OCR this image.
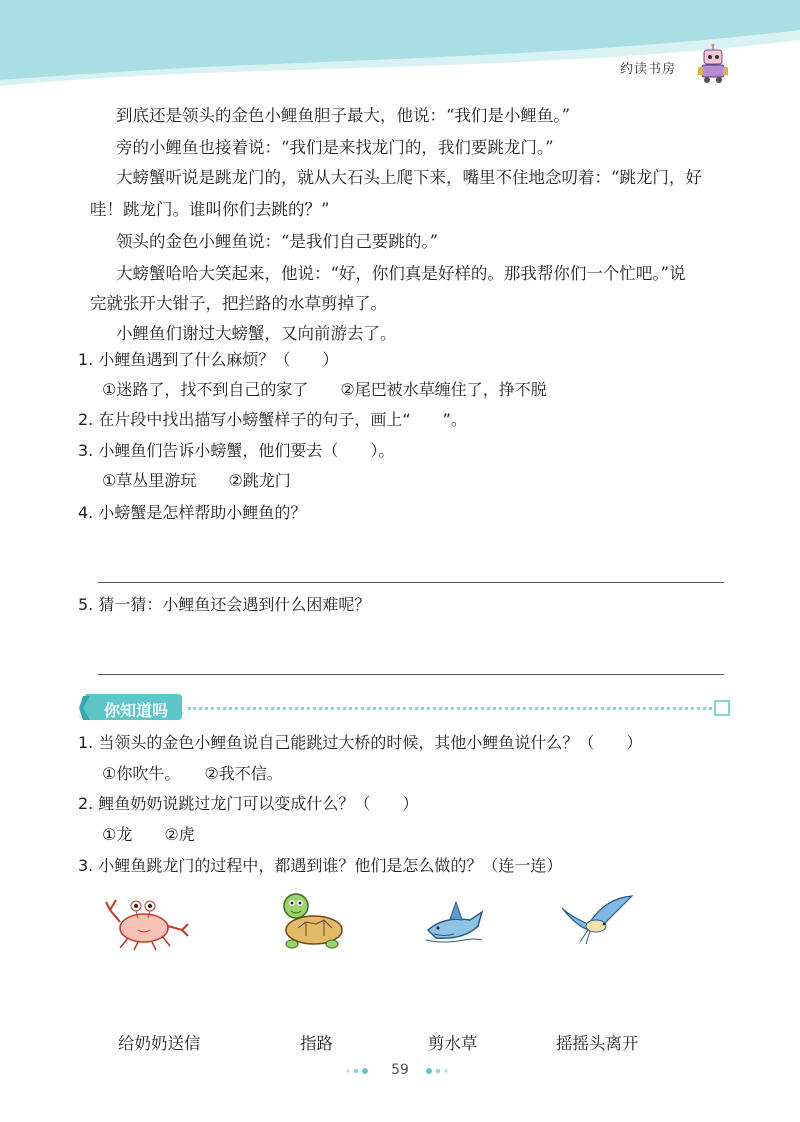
约读书房
到底还是领头的金色小鲤鱼胆子最大，他说：“我们是小鲤鱼。”
旁的小鲤鱼也接着说：“我们是来找龙门的，我们要跳龙门。”
大螃蟹听说是跳龙门的，就从大石头上爬下来，嘴里不住地念叨着：“跳龙门，好
哇！跳龙门。谁叫你们去跳的？”
领头的金色小鲤鱼说：“是我们自己要跳的。”
大螃蟹哈哈大笑起来，他说：“好，你们真是好样的。那我帮你们一个忙吧。”说
完就张开大钳子，把拦路的水草剪掉了。
小鲤鱼们谢过大螃蟹，又向前游去了。
1. 小鲤鱼遇到了什么麻烦？（　　）
①迷路了，找不到自己的家了　　②尾巴被水草缠住了，挣不脱
2. 在片段中找出描写小螃蟹样子的句子，画上“　　”。
3. 小鲤鱼们告诉小螃蟹，他们要去（　　）。
①草丛里游玩　　②跳龙门
4. 小螃蟹是怎样帮助小鲤鱼的？
5. 猜一猜：小鲤鱼还会遇到什么困难呢？
你知道吗
1. 当领头的金色小鲤鱼说自己能跳过大桥的时候，其他小鲤鱼说什么？（　　）
①你吹牛。　　②我不信。
2. 鲤鱼奶奶说跳过龙门可以变成什么？（　　）
①龙　　②虎
3. 小鲤鱼跳龙门的过程中，都遇到谁？他们是怎么做的？（连一连）
给奶奶送信	指路	剪水草	摇摇头离开
59
